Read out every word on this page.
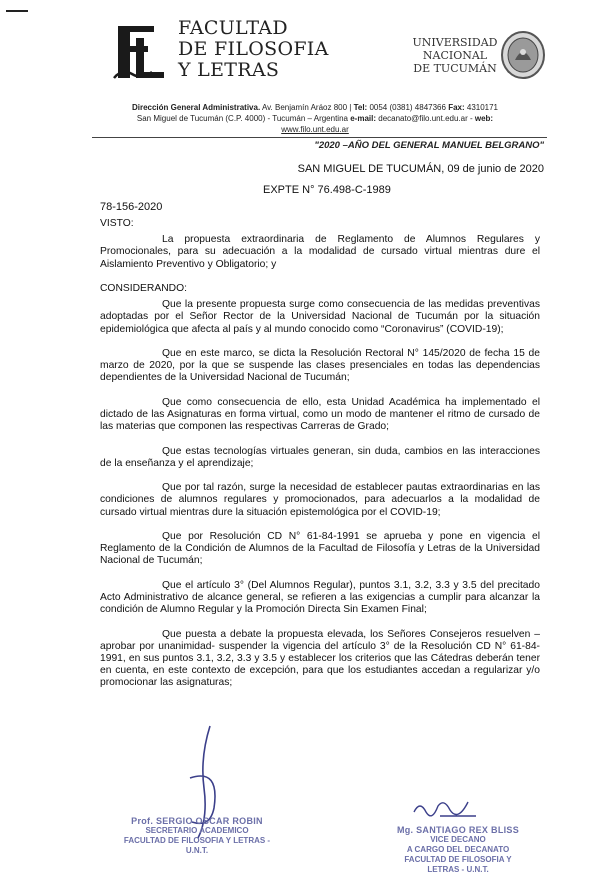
FACULTAD
DE FILOSOFIA
Y LETRAS
UNIVERSIDAD
NACIONAL
DE TUCUMÁN
Dirección General Administrativa. Av. Benjamín Aráoz 800 | Tel: 0054 (0381) 4847366 Fax: 4310171
San Miguel de Tucumán (C.P. 4000) - Tucumán – Argentina e-mail: decanato@filo.unt.edu.ar - web:
www.filo.unt.edu.ar
"2020 –AÑO DEL GENERAL MANUEL BELGRANO"
SAN MIGUEL DE TUCUMÁN, 09 de junio de 2020
EXPTE N° 76.498-C-1989
78-156-2020

VISTO:

La propuesta extraordinaria de Reglamento de Alumnos Regulares y Promocionales, para su adecuación a la modalidad de cursado virtual mientras dure el Aislamiento Preventivo y Obligatorio; y

CONSIDERANDO:

Que la presente propuesta surge como consecuencia de las medidas preventivas adoptadas por el Señor Rector de la Universidad Nacional de Tucumán por la situación epidemiológica que afecta al país y al mundo conocido como “Coronavirus” (COVID-19);

Que en este marco, se dicta la Resolución Rectoral N° 145/2020 de fecha 15 de marzo de 2020, por la que se suspende las clases presenciales en todas las dependencias dependientes de la Universidad Nacional de Tucumán;

Que como consecuencia de ello, esta Unidad Académica ha implementado el dictado de las Asignaturas en forma virtual, como un modo de mantener el ritmo de cursado de las materias que componen las respectivas Carreras de Grado;

Que estas tecnologías virtuales generan, sin duda, cambios en las interacciones de la enseñanza y el aprendizaje;

Que por tal razón, surge la necesidad de establecer pautas extraordinarias en las condiciones de alumnos regulares y promocionados, para adecuarlos a la modalidad de cursado virtual mientras dure la situación epistemológica por el COVID-19;

Que por Resolución CD N° 61-84-1991 se aprueba y pone en vigencia el Reglamento de la Condición de Alumnos de la Facultad de Filosofía y Letras de la Universidad Nacional de Tucumán;

Que el artículo 3° (Del Alumnos Regular), puntos 3.1, 3.2, 3.3 y 3.5 del precitado Acto Administrativo de alcance general, se refieren a las exigencias a cumplir para alcanzar la condición de Alumno Regular y la Promoción Directa Sin Examen Final;

Que puesta a debate la propuesta elevada, los Señores Consejeros resuelven – aprobar por unanimidad- suspender la vigencia del artículo 3° de la Resolución CD N° 61-84-1991, en sus puntos 3.1, 3.2, 3.3 y 3.5 y establecer los criterios que las Cátedras deberán tener en cuenta, en este contexto de excepción, para que los estudiantes accedan a regularizar y/o promocionar las asignaturas;

Mg. SANTIAGO REX BLISS
VICE DECANO
A CARGO DEL DECANATO
FACULTAD DE FILOSOFIA Y LETRAS - U.N.T.
Prof. SERGIO OSCAR ROBIN
SECRETARIO ACADEMICO
FACULTAD DE FILOSOFIA Y LETRAS - U.N.T.
